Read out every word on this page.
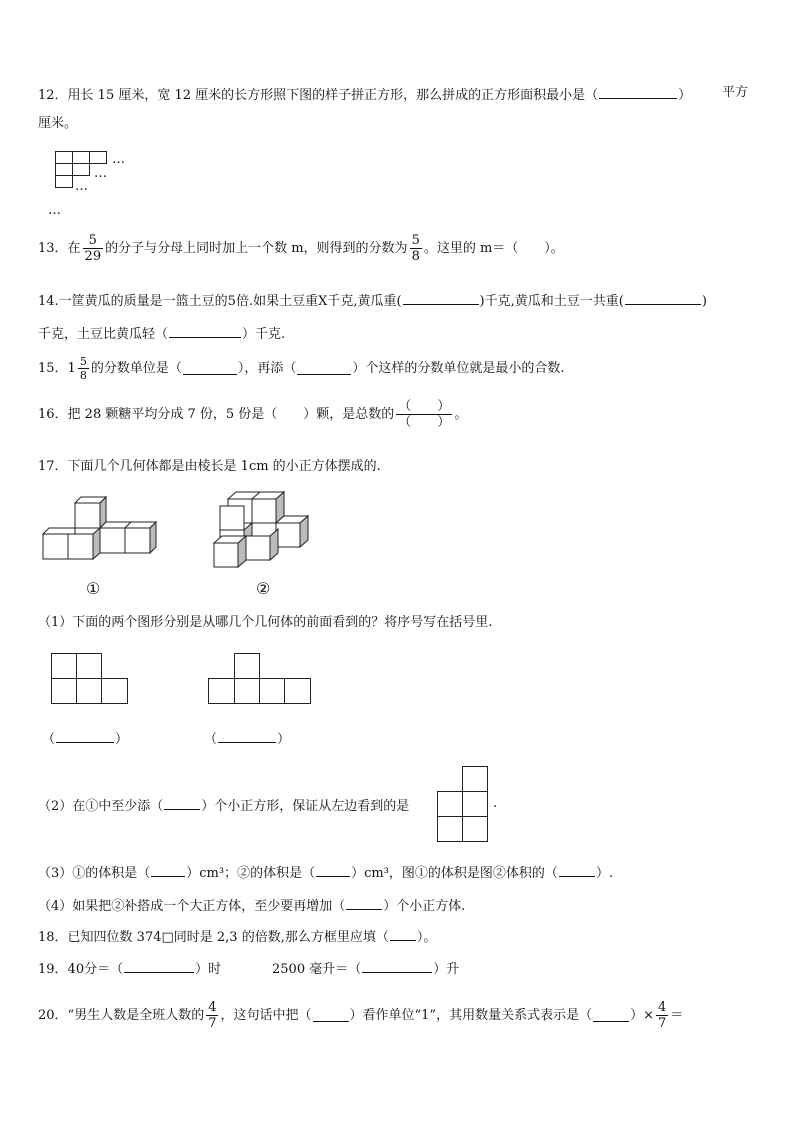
12．用长 15 厘米，宽 12 厘米的长方形照下图的样子拼正方形，那么拼成的正方形面积最小是（	） 平方
厘米。
…
…
…
…
13．在 $\frac{5}{29}$ 的分子与分母上同时加上一个数 m，则得到的分数为 $\frac{5}{8}$ 。这里的 m＝（　　）。
14.一筐黄瓜的质量是一篮土豆的5倍.如果土豆重X千克,黄瓜重(	)千克,黄瓜和土豆一共重(	)
千克，土豆比黄瓜轻（	）千克.
15． $1 \frac{5}{8}$ 的分数单位是（	），再添（	）个这样的分数单位就是最小的合数.
16．把 28 颗糖平均分成 7 份，5 份是（　　）颗，是总数的 $\frac{( )}{( )}$ 。
17．下面几个几何体都是由棱长是 1cm 的小正方体摆成的.
①	②
（1）下面的两个图形分别是从哪几个几何体的前面看到的？将序号写在括号里.
（	）	（	）
（2）在①中至少添（	）个小正方形，保证从左边看到的是	.
（3）①的体积是（	）cm³；②的体积是（	）cm³，图①的体积是图②体积的（	）.
（4）如果把②补搭成一个大正方体，至少要再增加（	）个小正方体.
18．已知四位数 374□同时是 2,3 的倍数,那么方框里应填（ ）。
19．40分＝（	）时	2500 毫升＝（	）升
20．“男生人数是全班人数的 $\frac{4}{7}$ ，这句话中把（	）看作单位“1”，其用数量关系式表示是（	）× $\frac{4}{7}$ ＝
